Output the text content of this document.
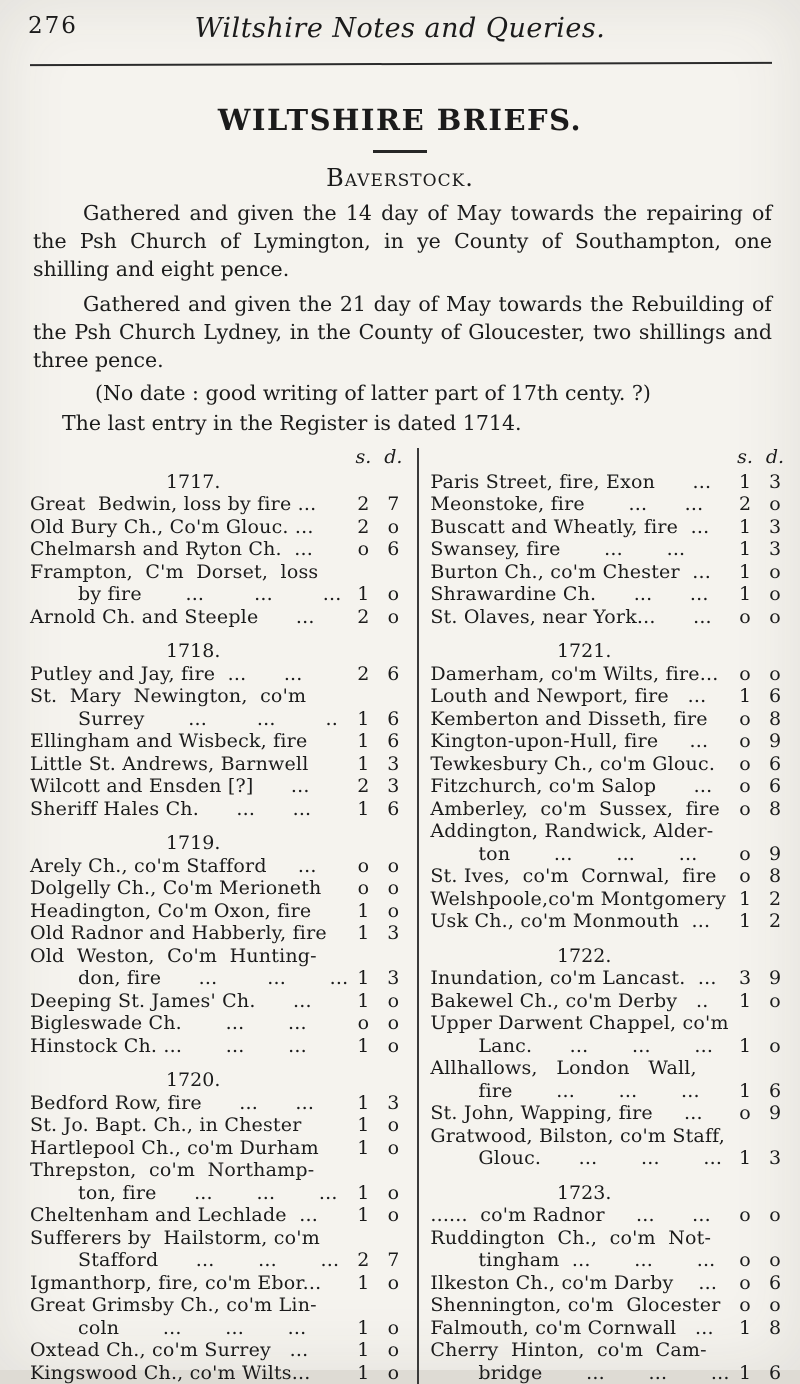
276	Wiltshire Notes and Queries.
WILTSHIRE BRIEFS.
Baverstock.

Gathered and given the 14 day of May towards the repairing of the Psh Church of Lymington, in ye County of Southampton, one shilling and eight pence.

Gathered and given the 21 day of May towards the Rebuilding of the Psh Church Lydney, in the County of Gloucester, two shillings and three pence.

(No date : good writing of latter part of 17th centy. ?)

The last entry in the Register is dated 1714.

s. d.
1717.
Great  Bedwin, loss by fire ...	2 7
Old Bury Ch., Co'm Glouc. ...	2 o
Chelmarsh and Ryton Ch.  ...	o 6
Frampton,  C'm  Dorset,  loss
by fire       ...        ...        ... 1 o
Arnold Ch. and Steeple      ...	2 o
1718.
Putley and Jay, fire  ...      ...	2 6
St.  Mary  Newington,  co'm
Surrey       ...        ...        ..	1 6
Ellingham and Wisbeck, fire	1 6
Little St. Andrews, Barnwell	1 3
Wilcott and Ensden [?]      ...	2 3
Sheriff Hales Ch.      ...      ...	1 6
1719.
Arely Ch., co'm Stafford     ...	o o
Dolgelly Ch., Co'm Merioneth	o o
Headington, Co'm Oxon, fire	1 o
Old Radnor and Habberly, fire	1 3
Old  Weston,  Co'm  Hunting-
don, fire      ...        ...       ... 1 3
Deeping St. James' Ch.      ...	1 o
Bigleswade Ch.       ...       ...	o o
Hinstock Ch. ...       ...       ...	1 o
1720.
Bedford Row, fire      ...      ...	1 3
St. Jo. Bapt. Ch., in Chester	1 o
Hartlepool Ch., co'm Durham	1 o
Threpston,  co'm  Northamp-
ton, fire      ...       ...       ...	1 o
Cheltenham and Lechlade  ...	1 o
Sufferers by  Hailstorm, co'm
Stafford      ...       ...       ... 2 7
Igmanthorp, fire, co'm Ebor...	1 o
Great Grimsby Ch., co'm Lin-
coln       ...       ...       ...	1 o
Oxtead Ch., co'm Surrey   ...	1 o
Kingswood Ch., co'm Wilts...	1 o
s. d.
Paris Street, fire, Exon      ...	1 3
Meonstoke, fire       ...      ...	2 o
Buscatt and Wheatly, fire  ...	1 3
Swansey, fire       ...       ...	1 3
Burton Ch., co'm Chester  ...	1 o
Shrawardine Ch.      ...      ...	1 o
St. Olaves, near York...      ...	o o
1721.
Damerham, co'm Wilts, fire...	o o
Louth and Newport, fire   ...	1 6
Kemberton and Disseth, fire	o 8
Kington-upon-Hull, fire     ...	o 9
Tewkesbury Ch., co'm Glouc.	o 6
Fitzchurch, co'm Salop      ...	o 6
Amberley,  co'm  Sussex,  fire	o 8
Addington, Randwick, Alder-
ton       ...       ...       ...	o 9
St. Ives,  co'm  Cornwal,  fire	o 8
Welshpoole,co'm Montgomery 1 2
Usk Ch., co'm Monmouth  ...	1 2
1722.
Inundation, co'm Lancast.  ...	3 9
Bakewel Ch., co'm Derby   ..	1 o
Upper Darwent Chappel, co'm
Lanc.      ...       ...       ...	1 o
Allhallows,   London   Wall,
fire       ...       ...       ...	1 6
St. John, Wapping, fire     ...	o 9
Gratwood, Bilston, co'm Staff,
Glouc.      ...       ...       ... 1 3
1723.
......  co'm Radnor     ...      ...	o o
Ruddington  Ch.,  co'm  Not-
tingham  ...       ...       ...	o o
Ilkeston Ch., co'm Darby    ...	o 6
Shennington, co'm  Glocester o o
Falmouth, co'm Cornwall   ...	1 8
Cherry  Hinton,  co'm  Cam-
bridge       ...       ...       ... 1 6
